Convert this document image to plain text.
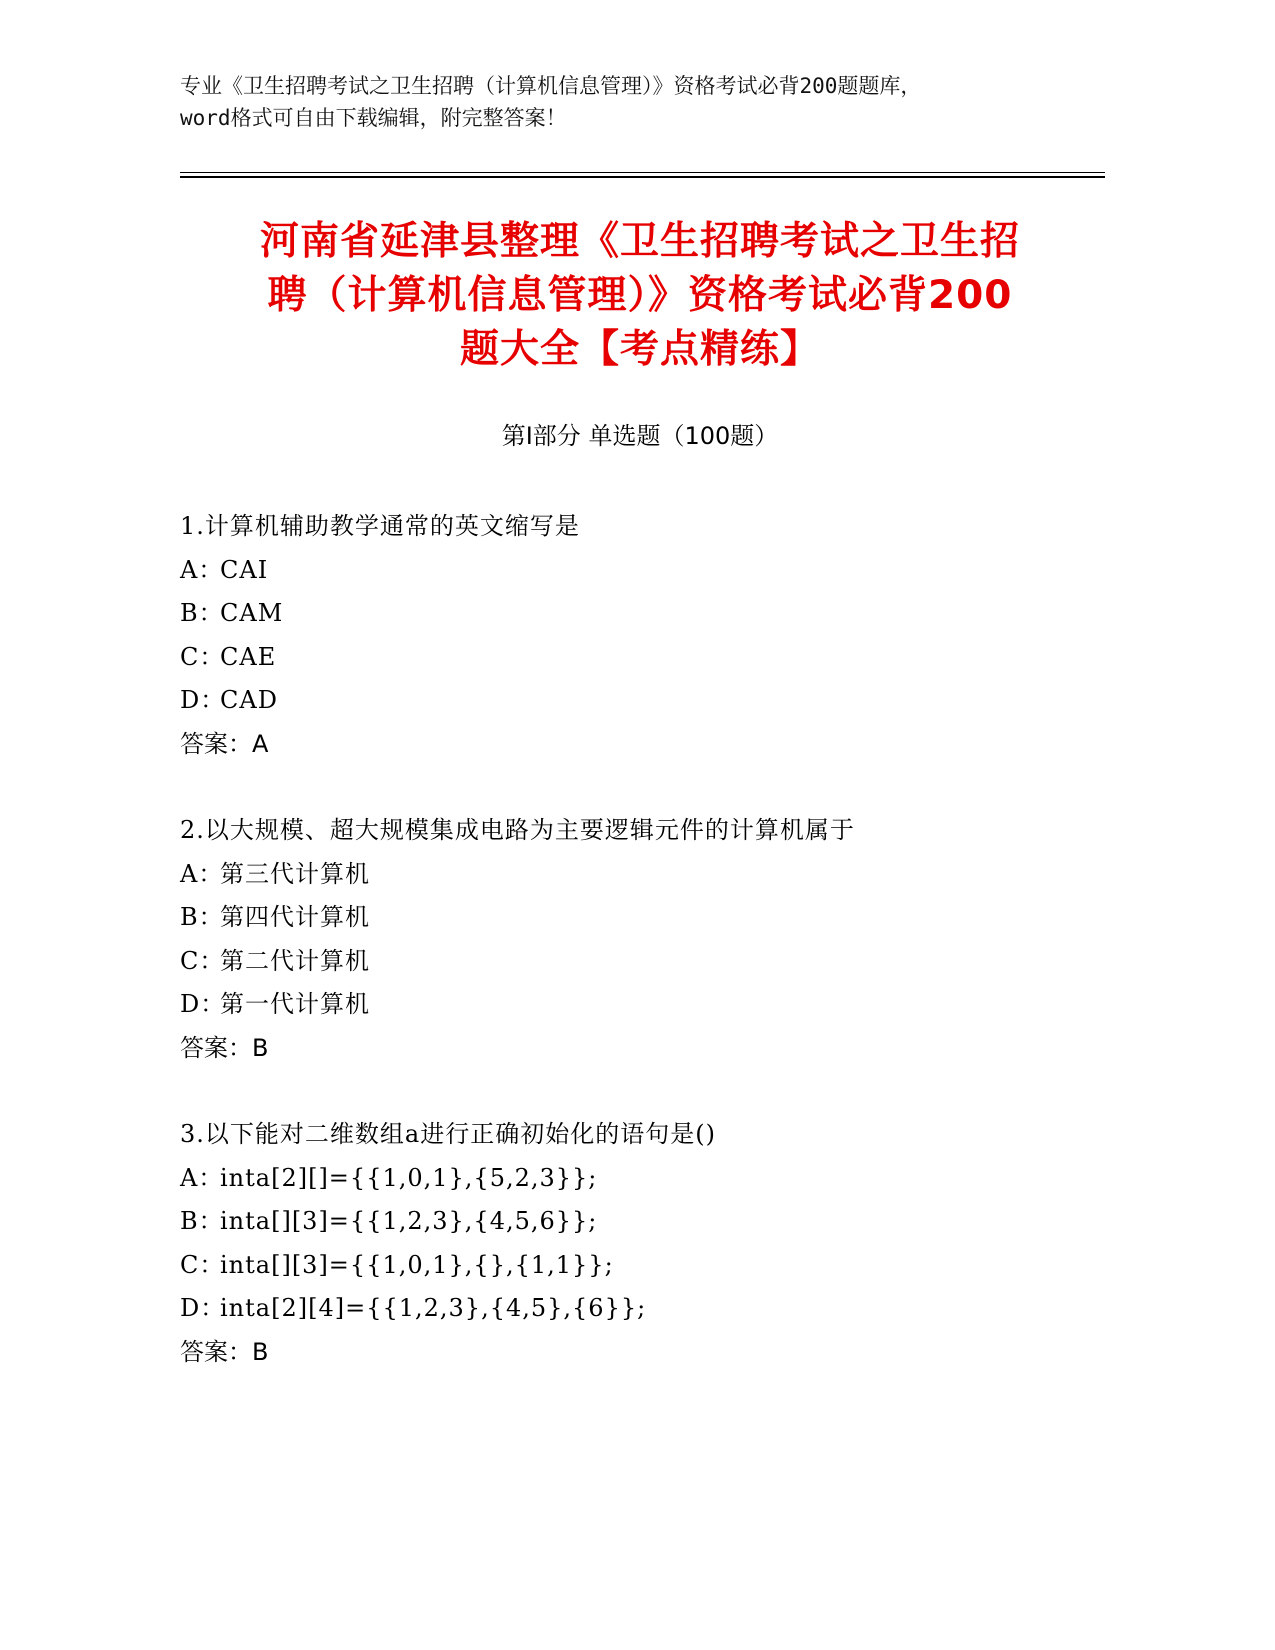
专业《卫生招聘考试之卫生招聘（计算机信息管理）》资格考试必背200题题库，
word格式可自由下载编辑，附完整答案！
河南省延津县整理《卫生招聘考试之卫生招
聘（计算机信息管理）》资格考试必背200
题大全【考点精练】
第Ⅰ部分 单选题（100题）
1.计算机辅助教学通常的英文缩写是
A：CAI
B：CAM
C：CAE
D：CAD
答案：A
2.以大规模、超大规模集成电路为主要逻辑元件的计算机属于
A：第三代计算机
B：第四代计算机
C：第二代计算机
D：第一代计算机
答案：B
3.以下能对二维数组a进行正确初始化的语句是()
A：inta[2][]={{1,0,1},{5,2,3}};
B：inta[][3]={{1,2,3},{4,5,6}};
C：inta[][3]={{1,0,1},{},{1,1}};
D：inta[2][4]={{1,2,3},{4,5},{6}};
答案：B
